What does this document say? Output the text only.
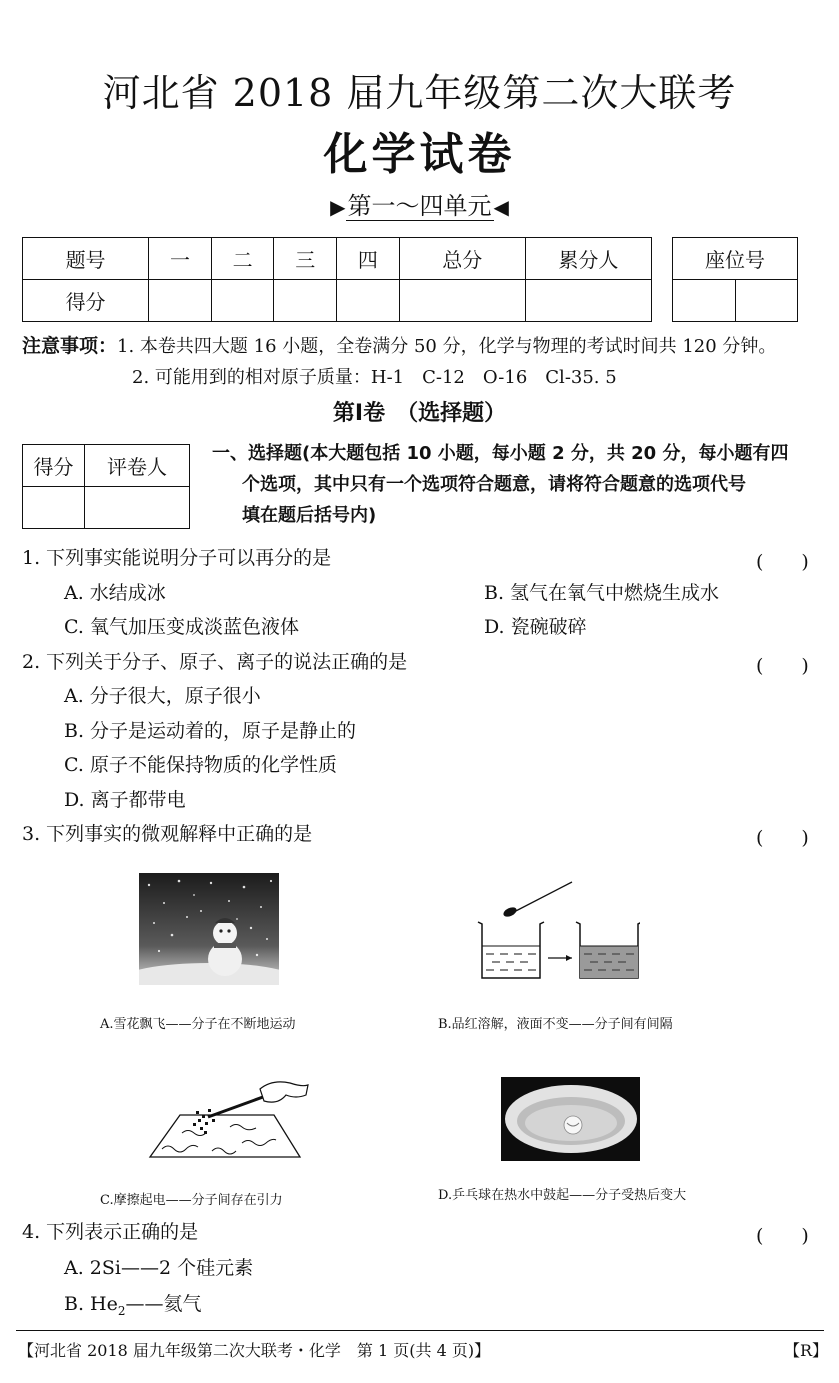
河北省 2018 届九年级第二次大联考
化学试卷
▶第一～四单元 ◀
题号	一	二	三	四	总分	累分人
得分						
座位号

注意事项：1. 本卷共四大题 16 小题，全卷满分 50 分，化学与物理的考试时间共 120 分钟。
2. 可能用到的相对原子质量：H-1　C-12　O-16　Cl-35. 5
第Ⅰ卷　（选择题）
得分	评卷人

一、选择题(本大题包括 10 小题，每小题 2 分，共 20 分，每小题有四
个选项，其中只有一个选项符合题意，请将符合题意的选项代号
填在题后括号内)
1. 下列事实能说明分子可以再分的是	(　　)
A. 水结成冰	B. 氢气在氧气中燃烧生成水
C. 氧气加压变成淡蓝色液体	D. 瓷碗破碎
2. 下列关于分子、原子、离子的说法正确的是	(　　)
A. 分子很大，原子很小
B. 分子是运动着的，原子是静止的
C. 原子不能保持物质的化学性质
D. 离子都带电
3. 下列事实的微观解释中正确的是	(　　)
A.雪花飘飞——分子在不断地运动	B.品红溶解，液面不变——分子间有间隔
C.摩擦起电——分子间存在引力	D.乒乓球在热水中鼓起——分子受热后变大
4. 下列表示正确的是	(　　)
A. 2Si——2 个硅元素
B. $He_2——$氦气
【河北省 2018 届九年级第二次大联考・化学　第 1 页(共 4 页)】	【R】
